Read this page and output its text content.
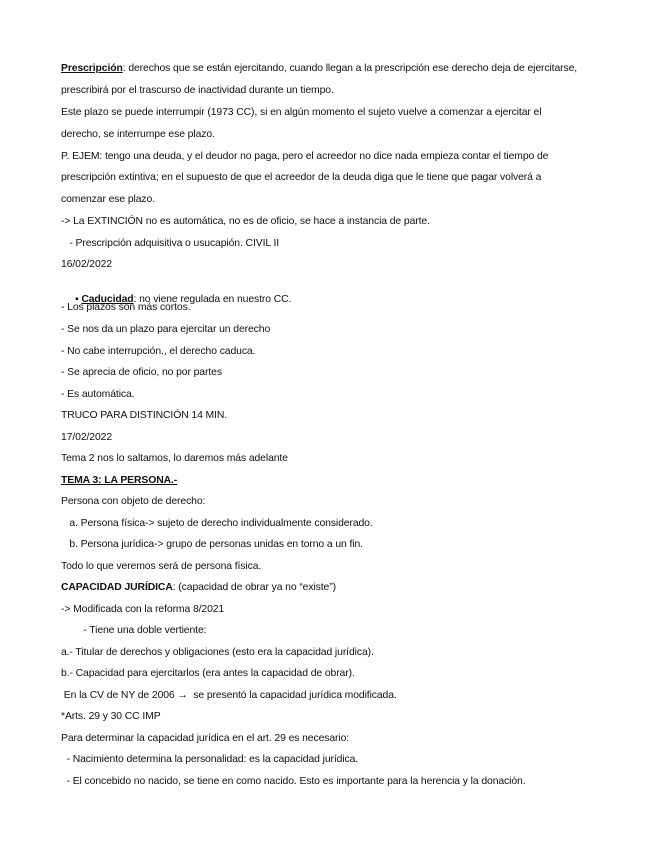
Prescripción: derechos que se están ejercitando, cuando llegan a la prescripción ese derecho deja de ejercitarse,
prescribirá por el trascurso de inactividad durante un tiempo.
Este plazo se puede interrumpir (1973 CC), si en algún momento el sujeto vuelve a comenzar a ejercitar el
derecho, se interrumpe ese plazo.
P. EJEM: tengo una deuda, y el deudor no paga, pero el acreedor no dice nada empieza contar el tiempo de
prescripción extintiva; en el supuesto de que el acreedor de la deuda diga que le tiene que pagar volverá a
comenzar ese plazo.
-> La EXTINCIÓN no es automática, no es de oficio, se hace a instancia de parte.
- Prescripción adquisitiva o usucapión. CIVIL II
16/02/2022

▪ Caducidad: no viene regulada en nuestro CC.

- Los plazos son más cortos.
- Se nos da un plazo para ejercitar un derecho
- No cabe interrupción., el derecho caduca.
- Se aprecia de oficio, no por partes
- Es automática.
TRUCO PARA DISTINCIÓN 14 MIN.
17/02/2022
Tema 2 nos lo saltamos, lo daremos más adelante
TEMA 3: LA PERSONA.-
Persona con objeto de derecho:
a. Persona física-> sujeto de derecho individualmente considerado.
b. Persona jurídica-> grupo de personas unidas en torno a un fin.
Todo lo que veremos será de persona física.
CAPACIDAD JURÍDICA: (capacidad de obrar ya no “existe”)
-> Modificada con la reforma 8/2021
- Tiene una doble vertiente:
a.- Titular de derechos y obligaciones (esto era la capacidad jurídica).
b.- Capacidad para ejercitarlos (era antes la capacidad de obrar).
En la CV de NY de 2006 →  se presentó la capacidad jurídica modificada.
*Arts. 29 y 30 CC IMP
Para determinar la capacidad jurídica en el art. 29 es necesario:
- Nacimiento determina la personalidad: es la capacidad jurídica.
- El concebido no nacido, se tiene en como nacido. Esto es importante para la herencia y la donación.
